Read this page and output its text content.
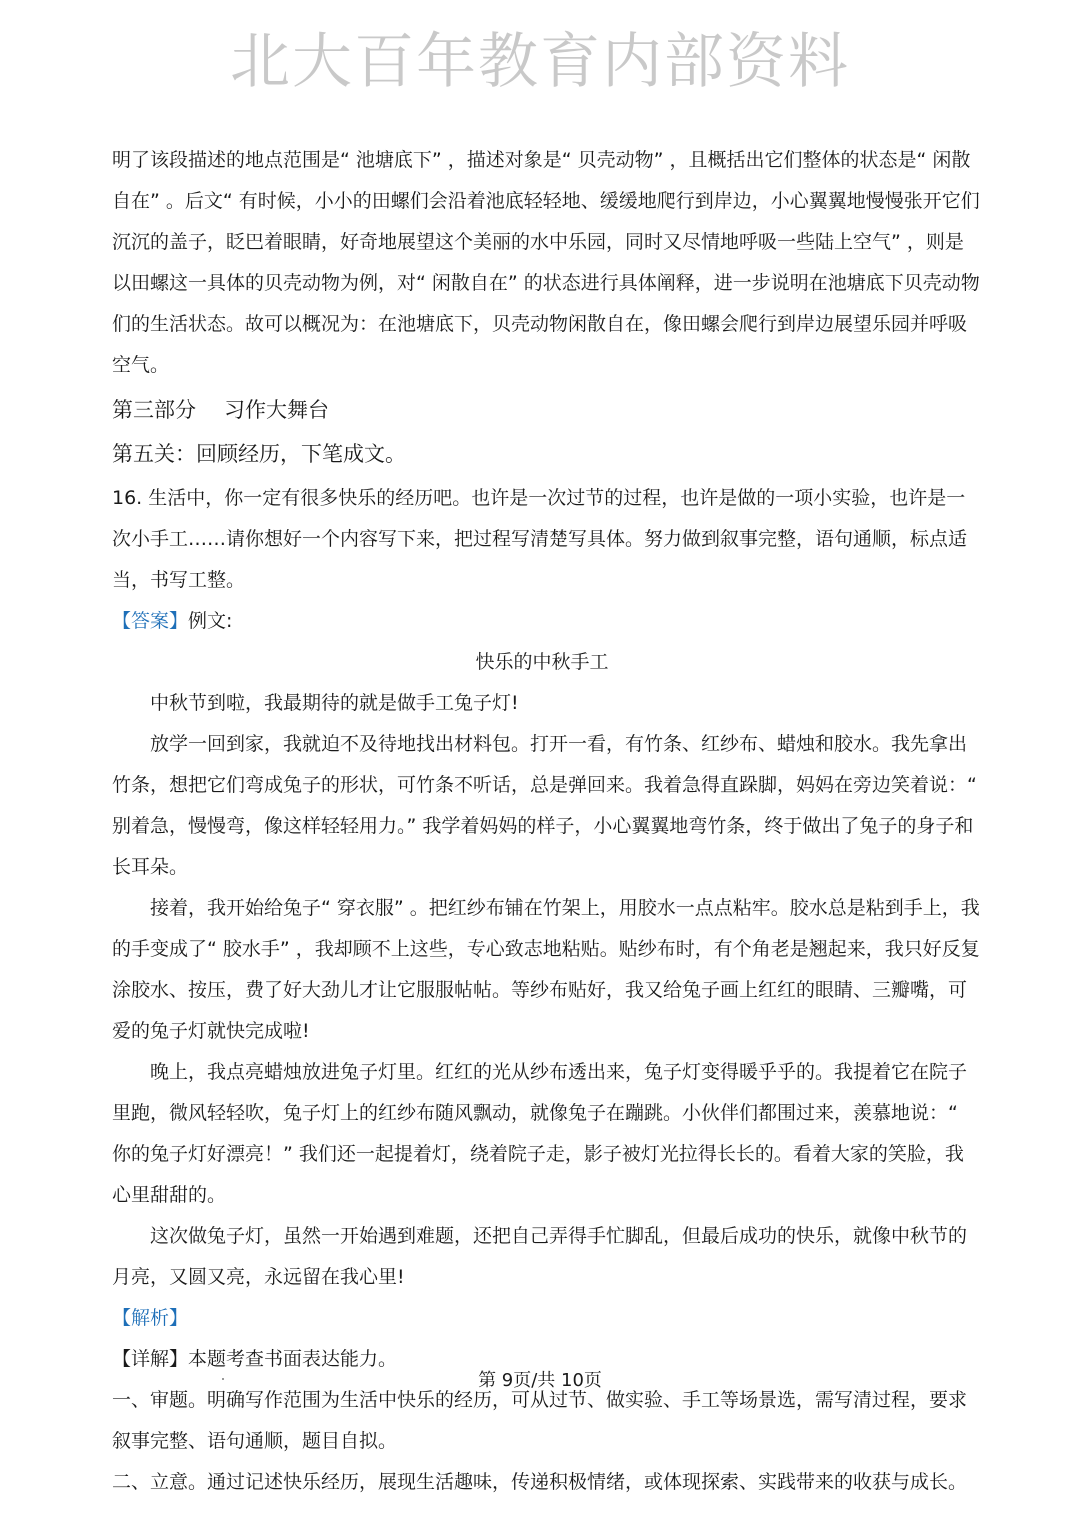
北大百年教育内部资料

明了该段描述的地点范围是“ 池塘底下” ，描述对象是“ 贝壳动物” ，且概括出它们整体的状态是“ 闲散自在” 。后文“ 有时候，小小的田螺们会沿着池底轻轻地、缓缓地爬行到岸边，小心翼翼地慢慢张开它们沉沉的盖子，眨巴着眼睛，好奇地展望这个美丽的水中乐园，同时又尽情地呼吸一些陆上空气” ，则是以田螺这一具体的贝壳动物为例，对“ 闲散自在” 的状态进行具体阐释，进一步说明在池塘底下贝壳动物们的生活状态。故可以概况为：在池塘底下，贝壳动物闲散自在，像田螺会爬行到岸边展望乐园并呼吸空气。

第三部分 习作大舞台

第五关：回顾经历，下笔成文。

16. 生活中，你一定有很多快乐的经历吧。也许是一次过节的过程，也许是做的一项小实验，也许是一次小手工……请你想好一个内容写下来，把过程写清楚写具体。努力做到叙事完整，语句通顺，标点适当，书写工整。

【答案】例文:

快乐的中秋手工

中秋节到啦，我最期待的就是做手工兔子灯!

放学一回到家，我就迫不及待地找出材料包。打开一看，有竹条、红纱布、蜡烛和胶水。我先拿出竹条，想把它们弯成兔子的形状，可竹条不听话，总是弹回来。我着急得直跺脚，妈妈在旁边笑着说：“ 别着急，慢慢弯，像这样轻轻用力。” 我学着妈妈的样子，小心翼翼地弯竹条，终于做出了兔子的身子和长耳朵。

接着，我开始给兔子“ 穿衣服” 。把红纱布铺在竹架上，用胶水一点点粘牢。胶水总是粘到手上，我的手变成了“ 胶水手” ，我却顾不上这些，专心致志地粘贴。贴纱布时，有个角老是翘起来，我只好反复涂胶水、按压，费了好大劲儿才让它服服帖帖。等纱布贴好，我又给兔子画上红红的眼睛、三瓣嘴，可爱的兔子灯就快完成啦!

晚上，我点亮蜡烛放进兔子灯里。红红的光从纱布透出来，兔子灯变得暖乎乎的。我提着它在院子里跑，微风轻轻吹，兔子灯上的红纱布随风飘动，就像兔子在蹦跳。小伙伴们都围过来，羡慕地说：“ 你的兔子灯好漂亮！” 我们还一起提着灯，绕着院子走，影子被灯光拉得长长的。看着大家的笑脸，我心里甜甜的。

这次做兔子灯，虽然一开始遇到难题，还把自己弄得手忙脚乱，但最后成功的快乐，就像中秋节的月亮，又圆又亮，永远留在我心里!

【解析】

【详解】本题考查书面表达能力。

一、审题。明确写作范围为生活中快乐的经历，可从过节、做实验、手工等场景选，需写清过程，要求叙事完整、语句通顺，题目自拟。

二、立意。通过记述快乐经历，展现生活趣味，传递积极情绪，或体现探索、实践带来的收获与成长。

第 9页/共 10页
